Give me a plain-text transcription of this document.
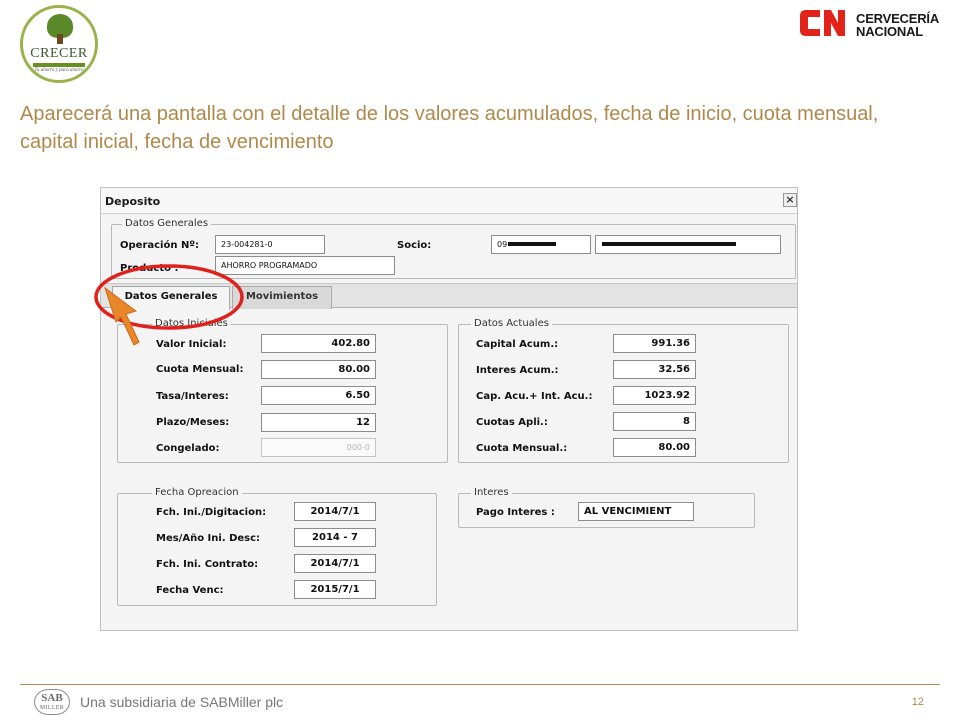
CRECER
Tu ahorro y para ahorro
CERVECERÍA
NACIONAL
Aparecerá una pantalla con el detalle de los valores acumulados, fecha de inicio, cuota mensual, capital inicial, fecha de vencimiento
Deposito	×
Datos Generales
Operación Nº:	23-004281-0	Socio:	09
Producto :	AHORRO PROGRAMADO
Datos Generales	Movimientos
Datos Iniciales
Valor Inicial:	402.80
Cuota Mensual:	80.00
Tasa/Interes:	6.50
Plazo/Meses:	12
Congelado:	000-0
Datos Actuales
Capital Acum.:	991.36
Interes Acum.:	32.56
Cap. Acu.+ Int. Acu.:	1023.92
Cuotas Apli.:	8
Cuota Mensual.:	80.00
Fecha Opreacion
Fch. Ini./Digitacion:	2014/7/1
Mes/Año Ini. Desc:	2014 - 7
Fch. Ini. Contrato:	2014/7/1
Fecha Venc:	2015/7/1
Interes
Pago Interes :	AL VENCIMIENT
SAB
MILLER	Una subsidiaria de SABMiller plc	12
